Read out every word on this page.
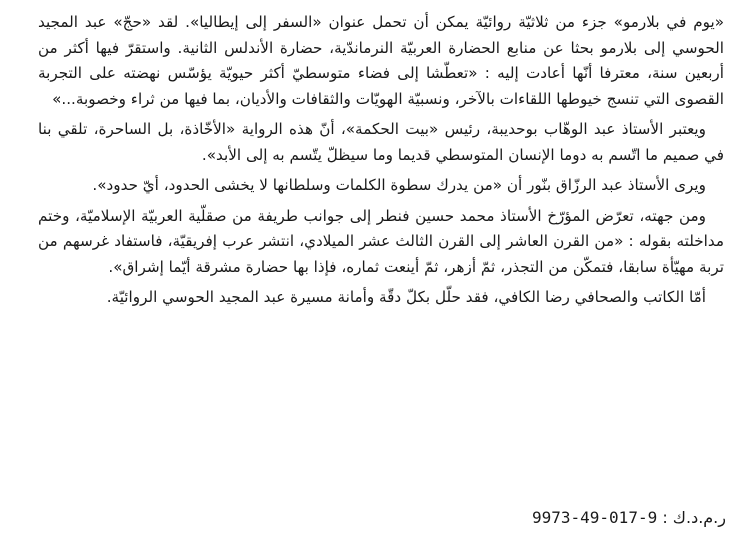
«يوم في بلارمو» جزء من ثلاثيّة روائيّة يمكن أن تحمل عنوان «السفر إلى إيطاليا». لقد «حجّ» عبد المجيد الحوسي إلى بلارمو بحثا عن منابع الحضارة العربيّة النرماندّية، حضارة الأندلس الثانية. واستقرّ فيها أكثر من أربعين سنة، معترفا أنّها أعادت إليه : «تعطّشا إلى فضاء متوسطيّ أكثر حيويّة يؤسّس نهضته على التجربة القصوى التي تنسج خيوطها اللقاءات بالآخر، ونسبيّة الهويّات والثقافات والأديان، بما فيها من ثراء وخصوبة...»

ويعتبر الأستاذ عبد الوهّاب بوحديبة، رئيس «بيت الحكمة»، أنّ هذه الرواية «الأخّاذة، بل الساحرة، تلقي بنا في صميم ما اتّسم به دوما الإنسان المتوسطي قديما وما سيظلّ يتّسم به إلى الأبد».

ويرى الأستاذ عبد الرزّاق بنّور أن «من يدرك سطوة الكلمات وسلطانها لا يخشى الحدود، أيّ حدود».

ومن جهته، تعرّض المؤرّخ الأستاذ محمد حسين فنطر إلى جوانب طريفة من صقلّية العربيّة الإسلاميّة، وختم مداخلته بقوله : «من القرن العاشر إلى القرن الثالث عشر الميلادي، انتشر عرب إفريقيّة، فاستفاد غرسهم من تربة مهيّأة سابقا، فتمكّن من التجذر، ثمّ أزهر، ثمّ أينعت ثماره، فإذا بها حضارة مشرقة أيّما إشراق».

أمّا الكاتب والصحافي رضا الكافي، فقد حلّل بكلّ دقّة وأمانة مسيرة عبد المجيد الحوسي الروائيّة.

ر.م.د.ك : 9973-49-017-9
